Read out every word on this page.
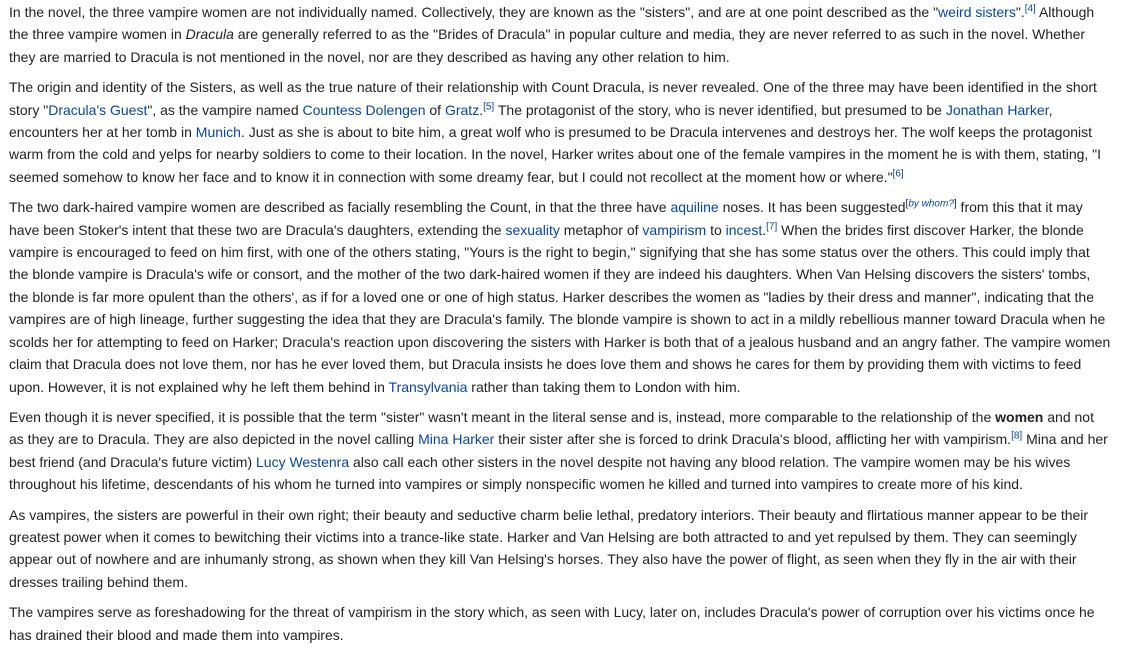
In the novel, the three vampire women are not individually named. Collectively, they are known as the "sisters", and are at one point described as the "weird sisters".[4] Although the three vampire women in Dracula are generally referred to as the "Brides of Dracula" in popular culture and media, they are never referred to as such in the novel. Whether they are married to Dracula is not mentioned in the novel, nor are they described as having any other relation to him.

The origin and identity of the Sisters, as well as the true nature of their relationship with Count Dracula, is never revealed. One of the three may have been identified in the short story "Dracula's Guest", as the vampire named Countess Dolengen of Gratz.[5] The protagonist of the story, who is never identified, but presumed to be Jonathan Harker, encounters her at her tomb in Munich. Just as she is about to bite him, a great wolf who is presumed to be Dracula intervenes and destroys her. The wolf keeps the protagonist warm from the cold and yelps for nearby soldiers to come to their location. In the novel, Harker writes about one of the female vampires in the moment he is with them, stating, "I seemed somehow to know her face and to know it in connection with some dreamy fear, but I could not recollect at the moment how or where."[6]

The two dark-haired vampire women are described as facially resembling the Count, in that the three have aquiline noses. It has been suggested[by whom?] from this that it may have been Stoker's intent that these two are Dracula's daughters, extending the sexuality metaphor of vampirism to incest.[7] When the brides first discover Harker, the blonde vampire is encouraged to feed on him first, with one of the others stating, "Yours is the right to begin," signifying that she has some status over the others. This could imply that the blonde vampire is Dracula's wife or consort, and the mother of the two dark-haired women if they are indeed his daughters. When Van Helsing discovers the sisters' tombs, the blonde is far more opulent than the others', as if for a loved one or one of high status. Harker describes the women as "ladies by their dress and manner", indicating that the vampires are of high lineage, further suggesting the idea that they are Dracula's family. The blonde vampire is shown to act in a mildly rebellious manner toward Dracula when he scolds her for attempting to feed on Harker; Dracula's reaction upon discovering the sisters with Harker is both that of a jealous husband and an angry father. The vampire women claim that Dracula does not love them, nor has he ever loved them, but Dracula insists he does love them and shows he cares for them by providing them with victims to feed upon. However, it is not explained why he left them behind in Transylvania rather than taking them to London with him.

Even though it is never specified, it is possible that the term "sister" wasn't meant in the literal sense and is, instead, more comparable to the relationship of the women and not as they are to Dracula. They are also depicted in the novel calling Mina Harker their sister after she is forced to drink Dracula's blood, afflicting her with vampirism.[8] Mina and her best friend (and Dracula's future victim) Lucy Westenra also call each other sisters in the novel despite not having any blood relation. The vampire women may be his wives throughout his lifetime, descendants of his whom he turned into vampires or simply nonspecific women he killed and turned into vampires to create more of his kind.

As vampires, the sisters are powerful in their own right; their beauty and seductive charm belie lethal, predatory interiors. Their beauty and flirtatious manner appear to be their greatest power when it comes to bewitching their victims into a trance-like state. Harker and Van Helsing are both attracted to and yet repulsed by them. They can seemingly appear out of nowhere and are inhumanly strong, as shown when they kill Van Helsing's horses. They also have the power of flight, as seen when they fly in the air with their dresses trailing behind them.

The vampires serve as foreshadowing for the threat of vampirism in the story which, as seen with Lucy, later on, includes Dracula's power of corruption over his victims once he has drained their blood and made them into vampires.
